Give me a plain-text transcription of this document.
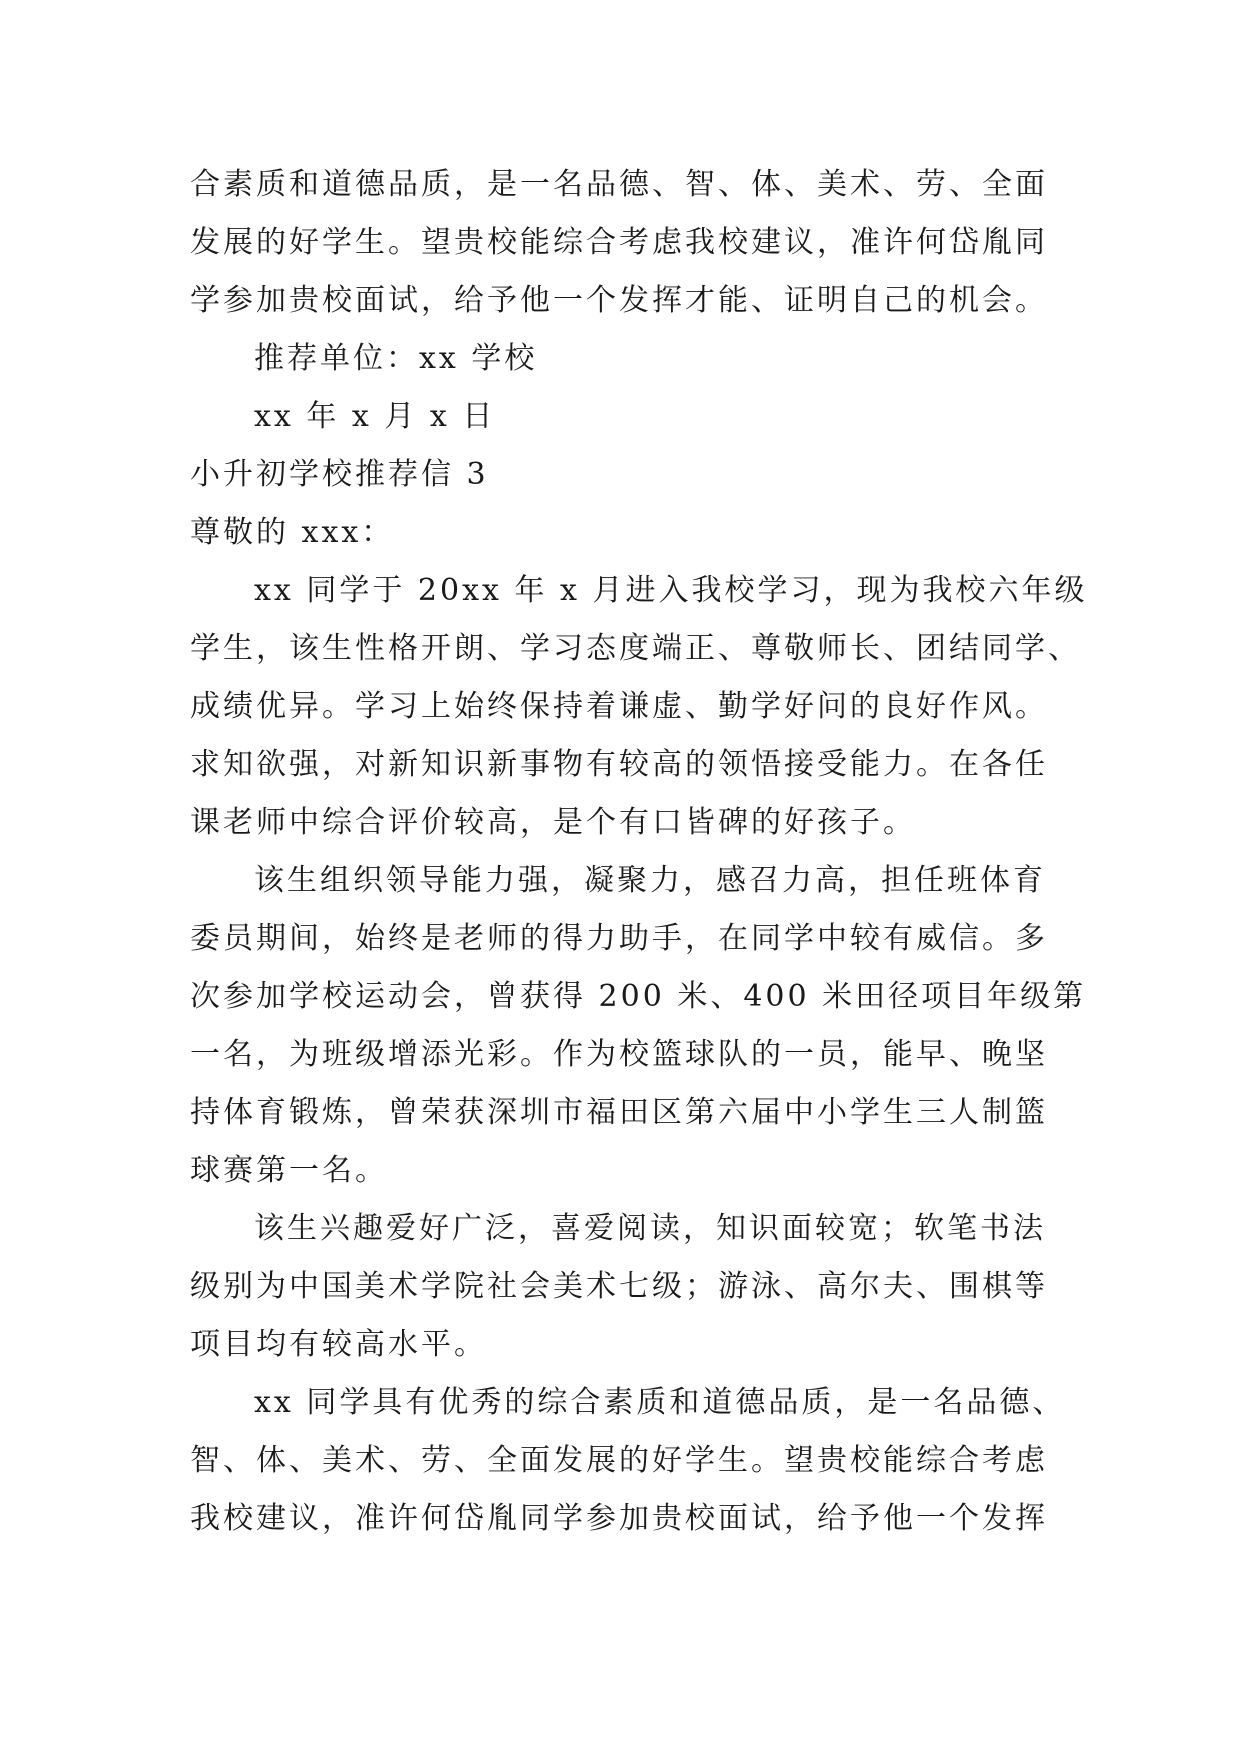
合素质和道德品质，是一名品德、智、体、美术、劳、全面
发展的好学生。望贵校能综合考虑我校建议，准许何岱胤同
学参加贵校面试，给予他一个发挥才能、证明自己的机会。
推荐单位：xx 学校
xx 年 x 月 x 日
小升初学校推荐信 3
尊敬的 xxx：
xx 同学于 20xx 年 x 月进入我校学习，现为我校六年级
学生，该生性格开朗、学习态度端正、尊敬师长、团结同学、
成绩优异。学习上始终保持着谦虚、勤学好问的良好作风。
求知欲强，对新知识新事物有较高的领悟接受能力。在各任
课老师中综合评价较高，是个有口皆碑的好孩子。
该生组织领导能力强，凝聚力，感召力高，担任班体育
委员期间，始终是老师的得力助手，在同学中较有威信。多
次参加学校运动会，曾获得 200 米、400 米田径项目年级第
一名，为班级增添光彩。作为校篮球队的一员，能早、晚坚
持体育锻炼，曾荣获深圳市福田区第六届中小学生三人制篮
球赛第一名。
该生兴趣爱好广泛，喜爱阅读，知识面较宽；软笔书法
级别为中国美术学院社会美术七级；游泳、高尔夫、围棋等
项目均有较高水平。
xx 同学具有优秀的综合素质和道德品质，是一名品德、
智、体、美术、劳、全面发展的好学生。望贵校能综合考虑
我校建议，准许何岱胤同学参加贵校面试，给予他一个发挥
